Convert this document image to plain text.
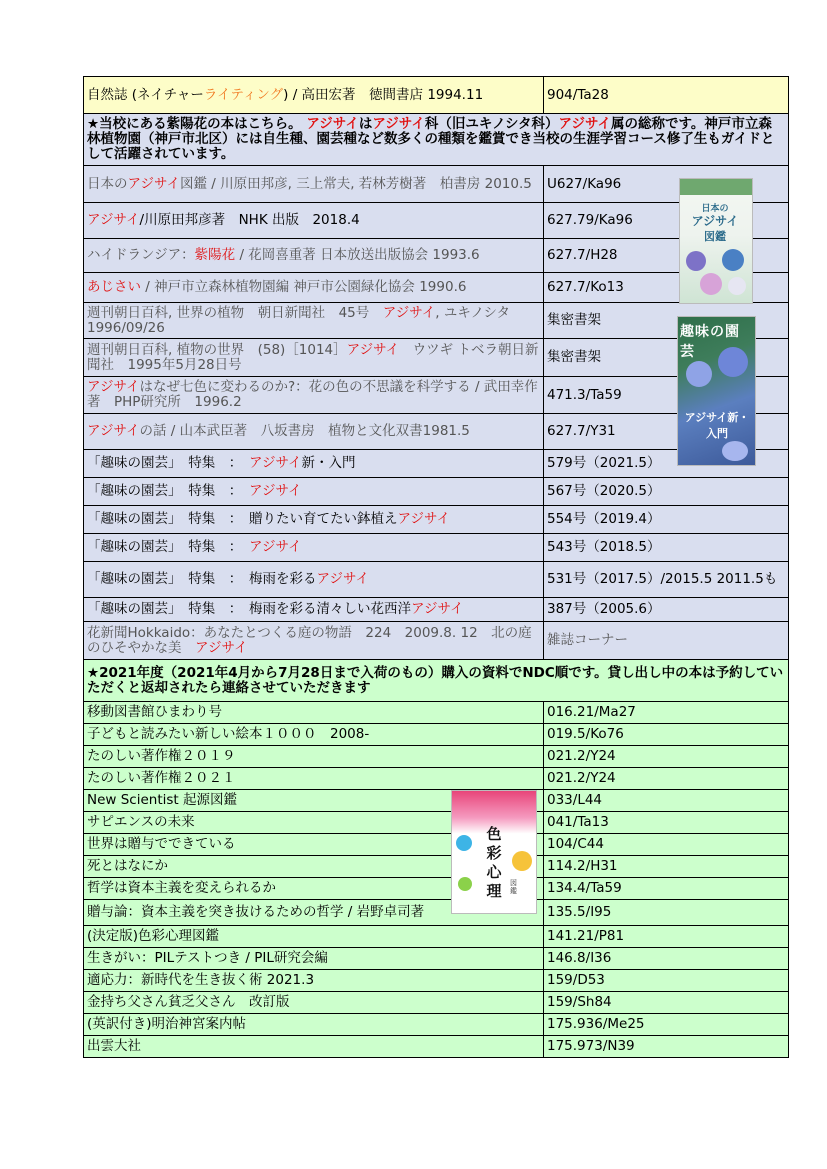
自然誌 (ネイチャーライティング) / 高田宏著　徳間書店 1994.11	904/Ta28
★当校にある紫陽花の本はこちら。 アジサイはアジサイ科（旧ユキノシタ科）アジサイ属の総称です。神戸市立森林植物園（神戸市北区）には自生種、園芸種など数多くの種類を鑑賞でき当校の生涯学習コース修了生もガイドとして活躍されています。	
日本のアジサイ図鑑 / 川原田邦彦, 三上常夫, 若林芳樹著　柏書房 2010.5	U627/Ka96
アジサイ/川原田邦彦著　NHK 出版　2018.4	627.79/Ka96
ハイドランジア：紫陽花 / 花岡喜重著 日本放送出版協会 1993.6	627.7/H28
あじさい / 神戸市立森林植物園編 神戸市公園緑化協会 1990.6	627.7/Ko13
週刊朝日百科, 世界の植物　朝日新聞社　45号　アジサイ, ユキノシタ　1996/09/26	集密書架
週刊朝日百科, 植物の世界　(58)［1014］アジサイ　ウツギ トベラ朝日新聞社　1995年5月28日号	集密書架
アジサイはなぜ七色に変わるのか?：花の色の不思議を科学する / 武田幸作著　PHP研究所　1996.2	471.3/Ta59
アジサイの話 / 山本武臣著　八坂書房　植物と文化双書1981.5	627.7/Y31
「趣味の園芸」　特集　：　アジサイ新・入門	579号（2021.5）
「趣味の園芸」　特集　：　アジサイ	567号（2020.5）
「趣味の園芸」　特集　：　贈りたい育てたい鉢植えアジサイ	554号（2019.4）
「趣味の園芸」　特集　：　アジサイ	543号（2018.5）
「趣味の園芸」　特集　：　梅雨を彩るアジサイ	531号（2017.5）/2015.5 2011.5も
「趣味の園芸」　特集　：　梅雨を彩る清々しい花西洋アジサイ	387号（2005.6）
花新聞Hokkaido：あなたとつくる庭の物語　224　2009.8. 12　北の庭のひそやかな美　アジサイ	雑誌コーナー
★2021年度（2021年4月から7月28日まで入荷のもの）購入の資料でNDC順です。貸し出し中の本は予約していただくと返却されたら連絡させていただきます	
移動図書館ひまわり号	016.21/Ma27
子どもと読みたい新しい絵本１０００　2008-	019.5/Ko76
たのしい著作権２０１９	021.2/Y24
たのしい著作権２０２１	021.2/Y24
New Scientist 起源図鑑	033/L44
サピエンスの未来	041/Ta13
世界は贈与でできている	104/C44
死とはなにか	114.2/H31
哲学は資本主義を変えられるか	134.4/Ta59
贈与論：資本主義を突き抜けるための哲学 / 岩野卓司著	135.5/I95
(決定版)色彩心理図鑑	141.21/P81
生きがい：PILテストつき / PIL研究会編	146.8/I36
適応力：新時代を生き抜く術 2021.3	159/D53
金持ち父さん貧乏父さん　改訂版	159/Sh84
(英訳付き)明治神宮案内帖	175.936/Me25
出雲大社	175.973/N39
日本の
アジサイ
図鑑
趣味の園芸
アジサイ新・入門
色
彩
心
理	図鑑
